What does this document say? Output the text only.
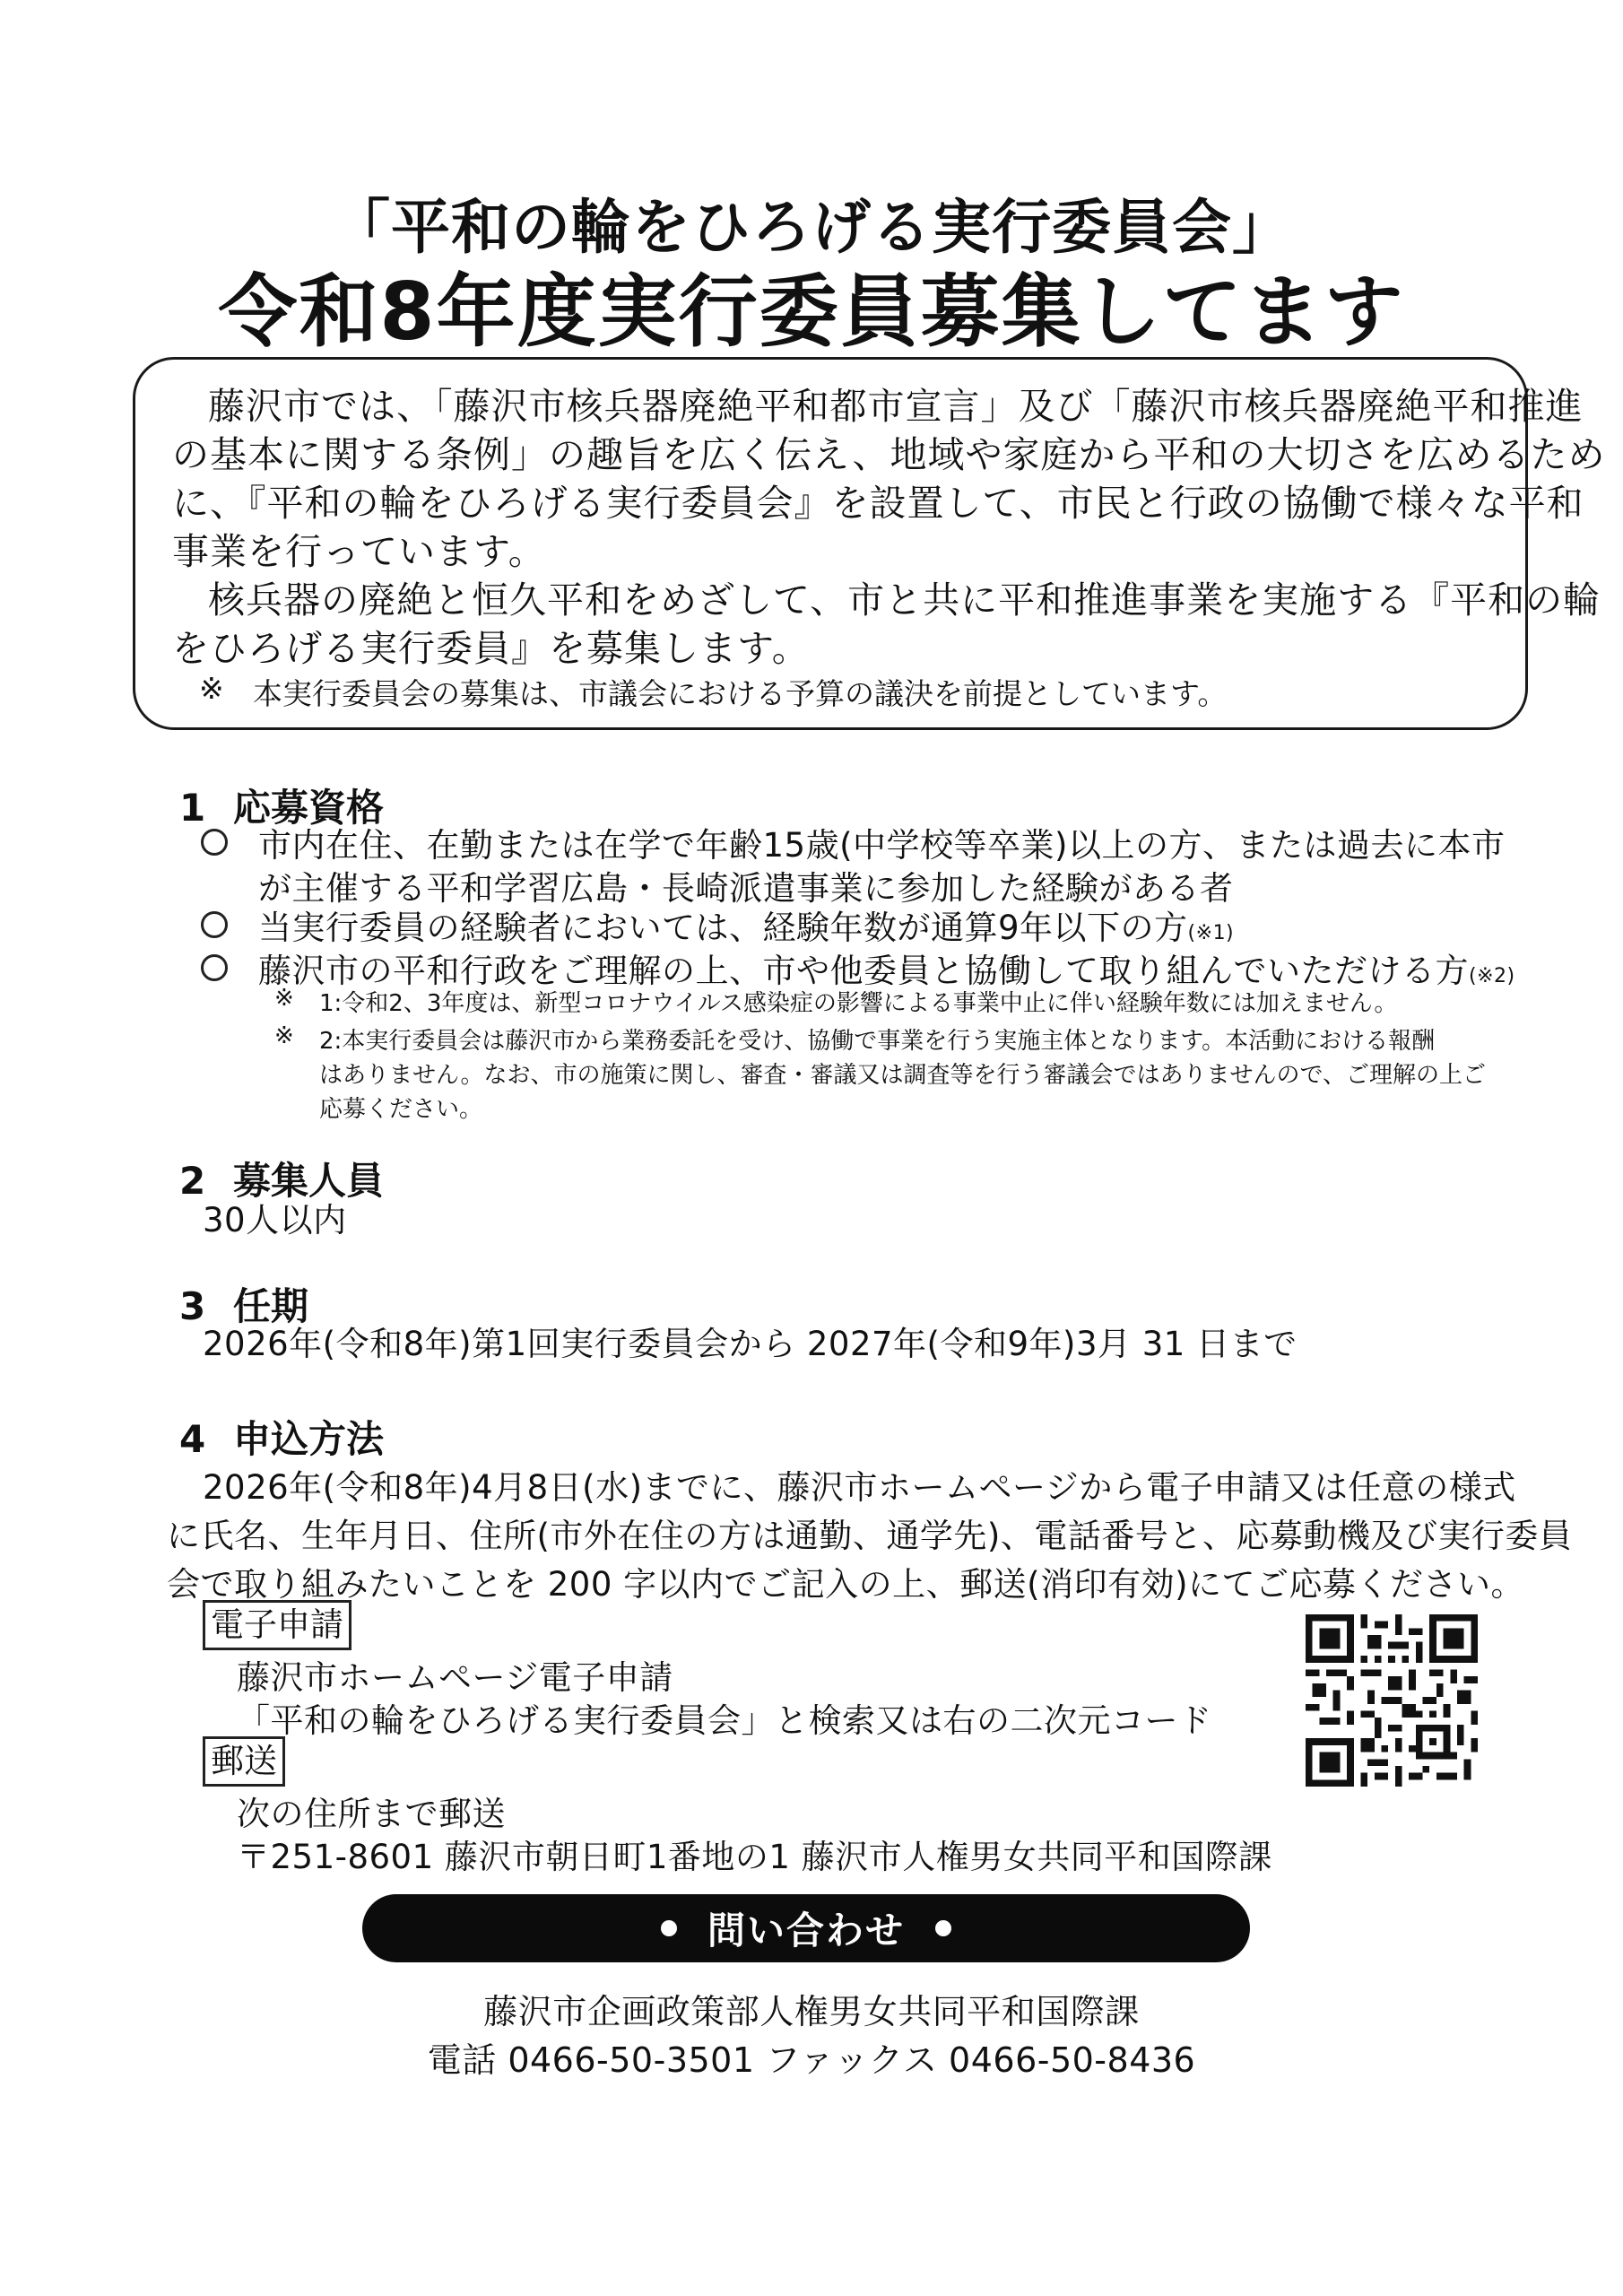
「平和の輪をひろげる実行委員会」
令和8年度実行委員募集してます
藤沢市では、「藤沢市核兵器廃絶平和都市宣言」及び「藤沢市核兵器廃絶平和推進
の基本に関する条例」の趣旨を広く伝え、地域や家庭から平和の大切さを広めるため
に、『平和の輪をひろげる実行委員会』を設置して、市民と行政の協働で様々な平和
事業を行っています。
核兵器の廃絶と恒久平和をめざして、市と共に平和推進事業を実施する『平和の輪
をひろげる実行委員』を募集します。
※ 本実行委員会の募集は、市議会における予算の議決を前提としています。
1 応募資格
市内在住、在勤または在学で年齢15歳(中学校等卒業)以上の方、または過去に本市
が主催する平和学習広島・長崎派遣事業に参加した経験がある者
当実行委員の経験者においては、経験年数が通算9年以下の方(※1)
藤沢市の平和行政をご理解の上、市や他委員と協働して取り組んでいただける方(※2)
※ 1:令和2、3年度は、新型コロナウイルス感染症の影響による事業中止に伴い経験年数には加えません。
※ 2:本実行委員会は藤沢市から業務委託を受け、協働で事業を行う実施主体となります。本活動における報酬
はありません。なお、市の施策に関し、審査・審議又は調査等を行う審議会ではありませんので、ご理解の上ご
応募ください。
2 募集人員
30人以内
3 任期
2026年(令和8年)第1回実行委員会から 2027年(令和9年)3月 31 日まで
4 申込方法
2026年(令和8年)4月8日(水)までに、藤沢市ホームページから電子申請又は任意の様式
に氏名、生年月日、住所(市外在住の方は通勤、通学先)、電話番号と、応募動機及び実行委員
会で取り組みたいことを 200 字以内でご記入の上、郵送(消印有効)にてご応募ください。
電子申請
藤沢市ホームページ電子申請
「平和の輪をひろげる実行委員会」と検索又は右の二次元コード
郵送
次の住所まで郵送
〒251-8601 藤沢市朝日町1番地の1 藤沢市人権男女共同平和国際課
問い合わせ
藤沢市企画政策部人権男女共同平和国際課
電話 0466-50-3501 ファックス 0466-50-8436
